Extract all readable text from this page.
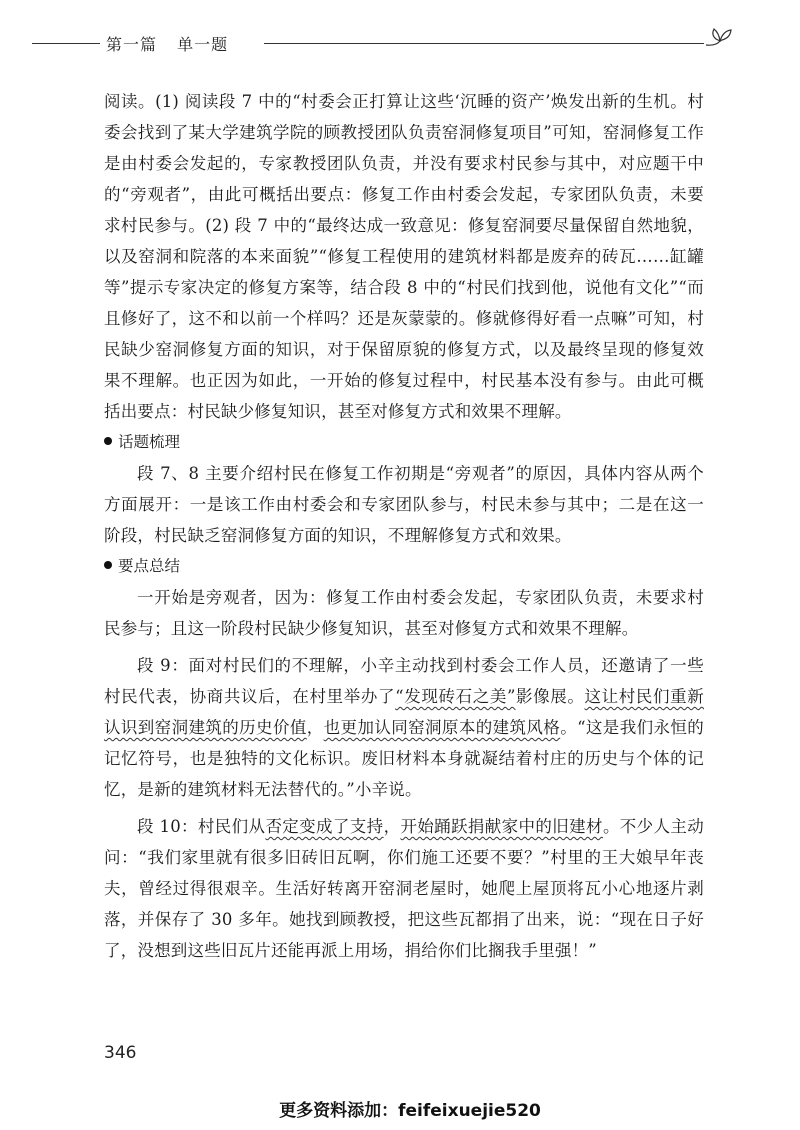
第一篇 单一题

阅读。(1) 阅读段 7 中的“村委会正打算让这些‘沉睡的资产’焕发出新的生机。村委会找到了某大学建筑学院的顾教授团队负责窑洞修复项目”可知，窑洞修复工作是由村委会发起的，专家教授团队负责，并没有要求村民参与其中，对应题干中的“旁观者”，由此可概括出要点：修复工作由村委会发起，专家团队负责，未要求村民参与。(2) 段 7 中的“最终达成一致意见：修复窑洞要尽量保留自然地貌，以及窑洞和院落的本来面貌”“修复工程使用的建筑材料都是废弃的砖瓦……缸罐等”提示专家决定的修复方案等，结合段 8 中的“村民们找到他，说他有文化”“而且修好了，这不和以前一个样吗？还是灰蒙蒙的。修就修得好看一点嘛”可知，村民缺少窑洞修复方面的知识，对于保留原貌的修复方式，以及最终呈现的修复效果不理解。也正因为如此，一开始的修复过程中，村民基本没有参与。由此可概括出要点：村民缺少修复知识，甚至对修复方式和效果不理解。

话题梳理

段 7、8 主要介绍村民在修复工作初期是“旁观者”的原因，具体内容从两个方面展开：一是该工作由村委会和专家团队参与，村民未参与其中；二是在这一阶段，村民缺乏窑洞修复方面的知识，不理解修复方式和效果。

要点总结

一开始是旁观者，因为：修复工作由村委会发起，专家团队负责，未要求村民参与；且这一阶段村民缺少修复知识，甚至对修复方式和效果不理解。

段 9：面对村民们的不理解，小辛主动找到村委会工作人员，还邀请了一些村民代表，协商共议后，在村里举办了“发现砖石之美”影像展。这让村民们重新认识到窑洞建筑的历史价值，也更加认同窑洞原本的建筑风格。“这是我们永恒的记忆符号，也是独特的文化标识。废旧材料本身就凝结着村庄的历史与个体的记忆，是新的建筑材料无法替代的。”小辛说。

段 10：村民们从否定变成了支持，开始踊跃捐献家中的旧建材。不少人主动问：“我们家里就有很多旧砖旧瓦啊，你们施工还要不要？”村里的王大娘早年丧夫，曾经过得很艰辛。生活好转离开窑洞老屋时，她爬上屋顶将瓦小心地逐片剥落，并保存了 30 多年。她找到顾教授，把这些瓦都捐了出来，说：“现在日子好了，没想到这些旧瓦片还能再派上用场，捐给你们比搁我手里强！”

346
更多资料添加：feifeixuejie520
